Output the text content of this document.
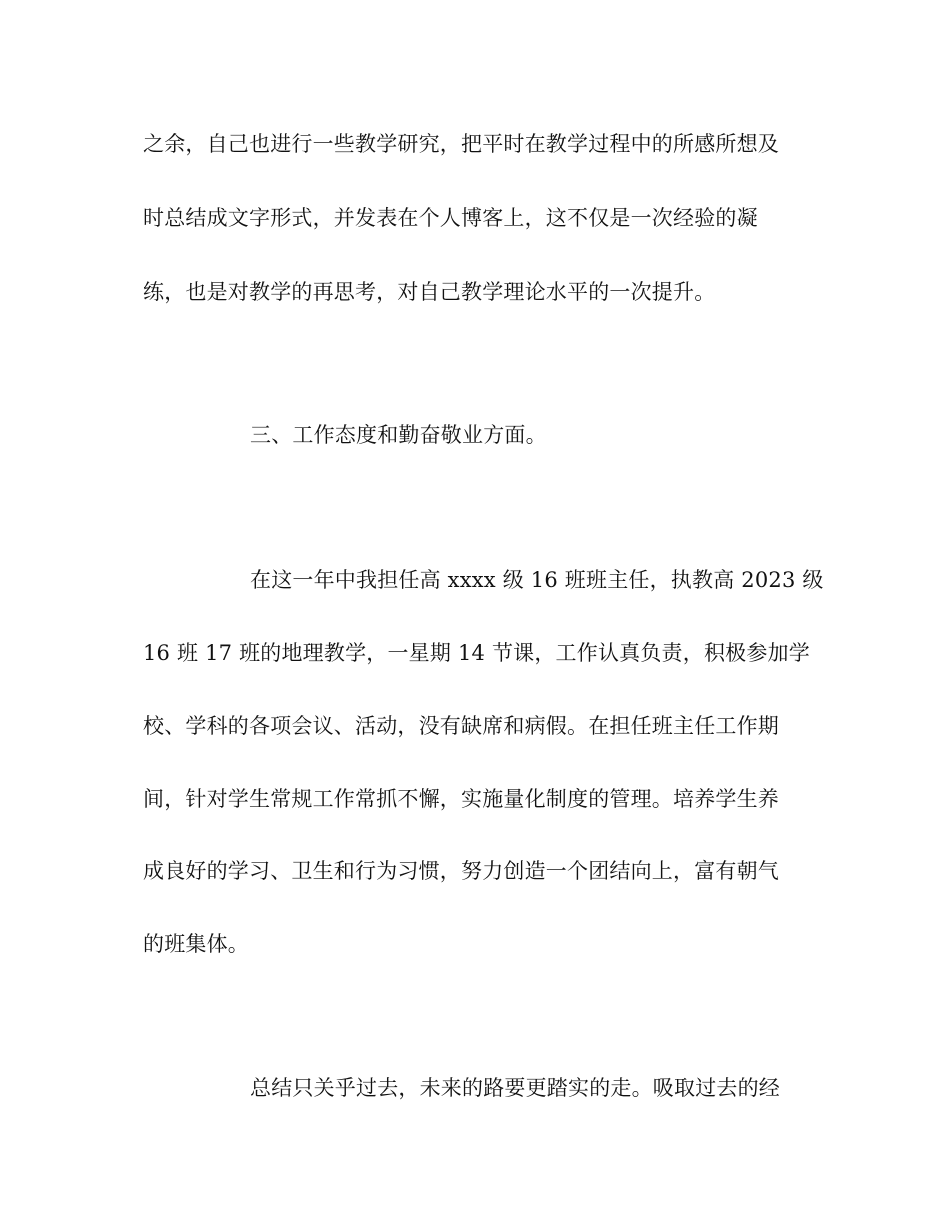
之余，自己也进行一些教学研究，把平时在教学过程中的所感所想及
时总结成文字形式，并发表在个人博客上，这不仅是一次经验的凝
练，也是对教学的再思考，对自己教学理论水平的一次提升。
三、工作态度和勤奋敬业方面。
在这一年中我担任高 xxxx 级 16 班班主任，执教高 2023 级
16 班 17 班的地理教学，一星期 14 节课，工作认真负责，积极参加学
校、学科的各项会议、活动，没有缺席和病假。在担任班主任工作期
间，针对学生常规工作常抓不懈，实施量化制度的管理。培养学生养
成良好的学习、卫生和行为习惯，努力创造一个团结向上，富有朝气
的班集体。
总结只关乎过去，未来的路要更踏实的走。吸取过去的经
